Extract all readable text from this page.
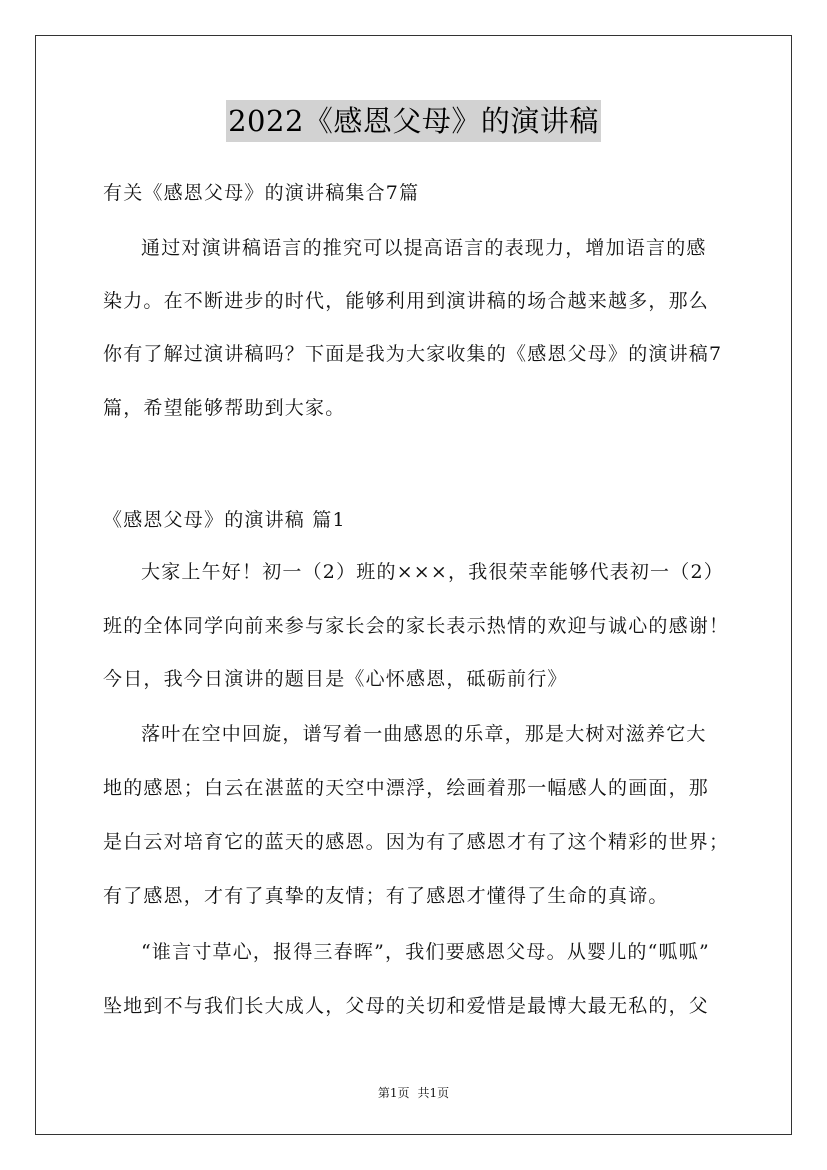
2022《感恩父母》的演讲稿
有关《感恩父母》的演讲稿集合7篇
通过对演讲稿语言的推究可以提高语言的表现力，增加语言的感
染力。在不断进步的时代，能够利用到演讲稿的场合越来越多，那么
你有了解过演讲稿吗？下面是我为大家收集的《感恩父母》的演讲稿7
篇，希望能够帮助到大家。
《感恩父母》的演讲稿 篇1
大家上午好！初一（2）班的×××，我很荣幸能够代表初一（2）
班的全体同学向前来参与家长会的家长表示热情的欢迎与诚心的感谢！
今日，我今日演讲的题目是《心怀感恩，砥砺前行》
落叶在空中回旋，谱写着一曲感恩的乐章，那是大树对滋养它大
地的感恩；白云在湛蓝的天空中漂浮，绘画着那一幅感人的画面，那
是白云对培育它的蓝天的感恩。因为有了感恩才有了这个精彩的世界；
有了感恩，才有了真挚的友情；有了感恩才懂得了生命的真谛。
“谁言寸草心，报得三春晖”，我们要感恩父母。从婴儿的“呱呱”
坠地到不与我们长大成人，父母的关切和爱惜是最博大最无私的，父
第1页 共1页
